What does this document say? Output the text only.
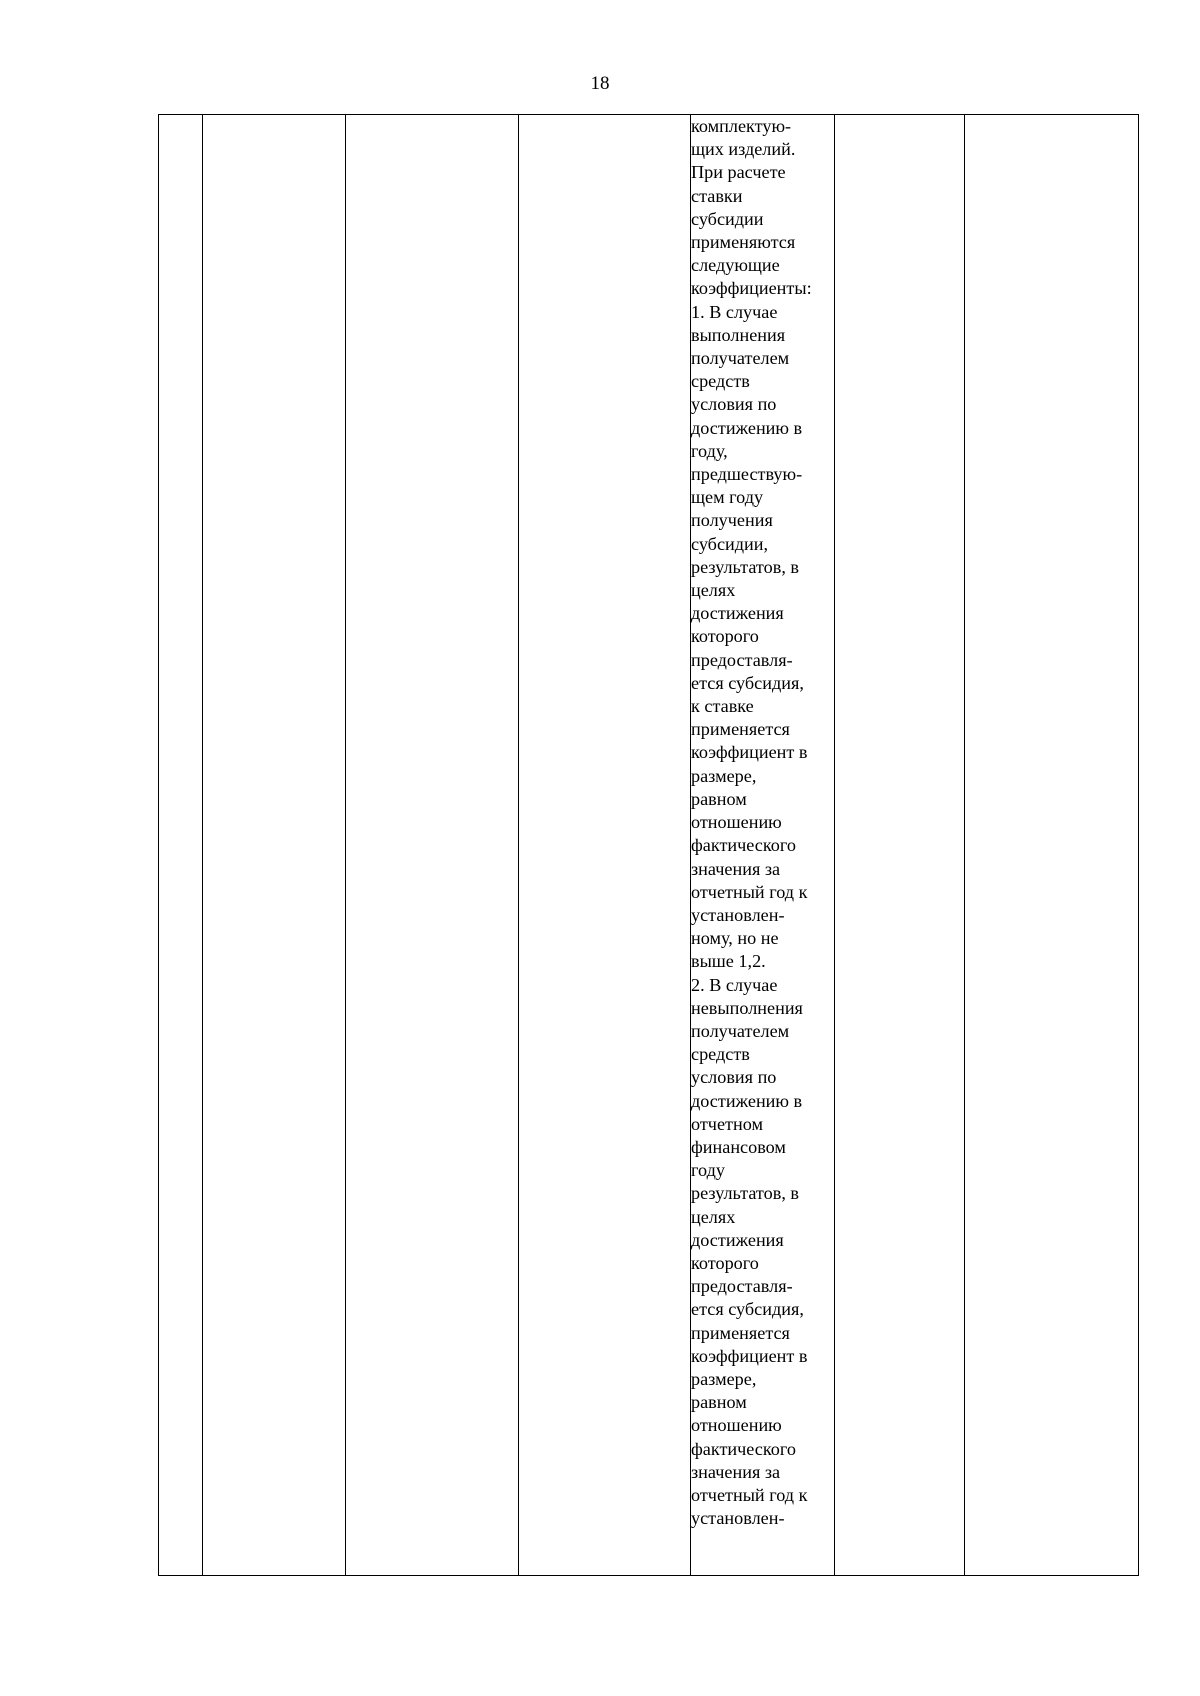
18

комплектую-
щих изделий.
При расчете
ставки
субсидии
применяются
следующие
коэффициенты:
1. В случае
выполнения
получателем
средств
условия по
достижению в
году,
предшествую-
щем году
получения
субсидии,
результатов, в
целях
достижения
которого
предоставля-
ется субсидия,
к ставке
применяется
коэффициент в
размере,
равном
отношению
фактического
значения за
отчетный год к
установлен-
ному, но не
выше 1,2.
2. В случае
невыполнения
получателем
средств
условия по
достижению в
отчетном
финансовом
году
результатов, в
целях
достижения
которого
предоставля-
ется субсидия,
применяется
коэффициент в
размере,
равном
отношению
фактического
значения за
отчетный год к
установлен-
